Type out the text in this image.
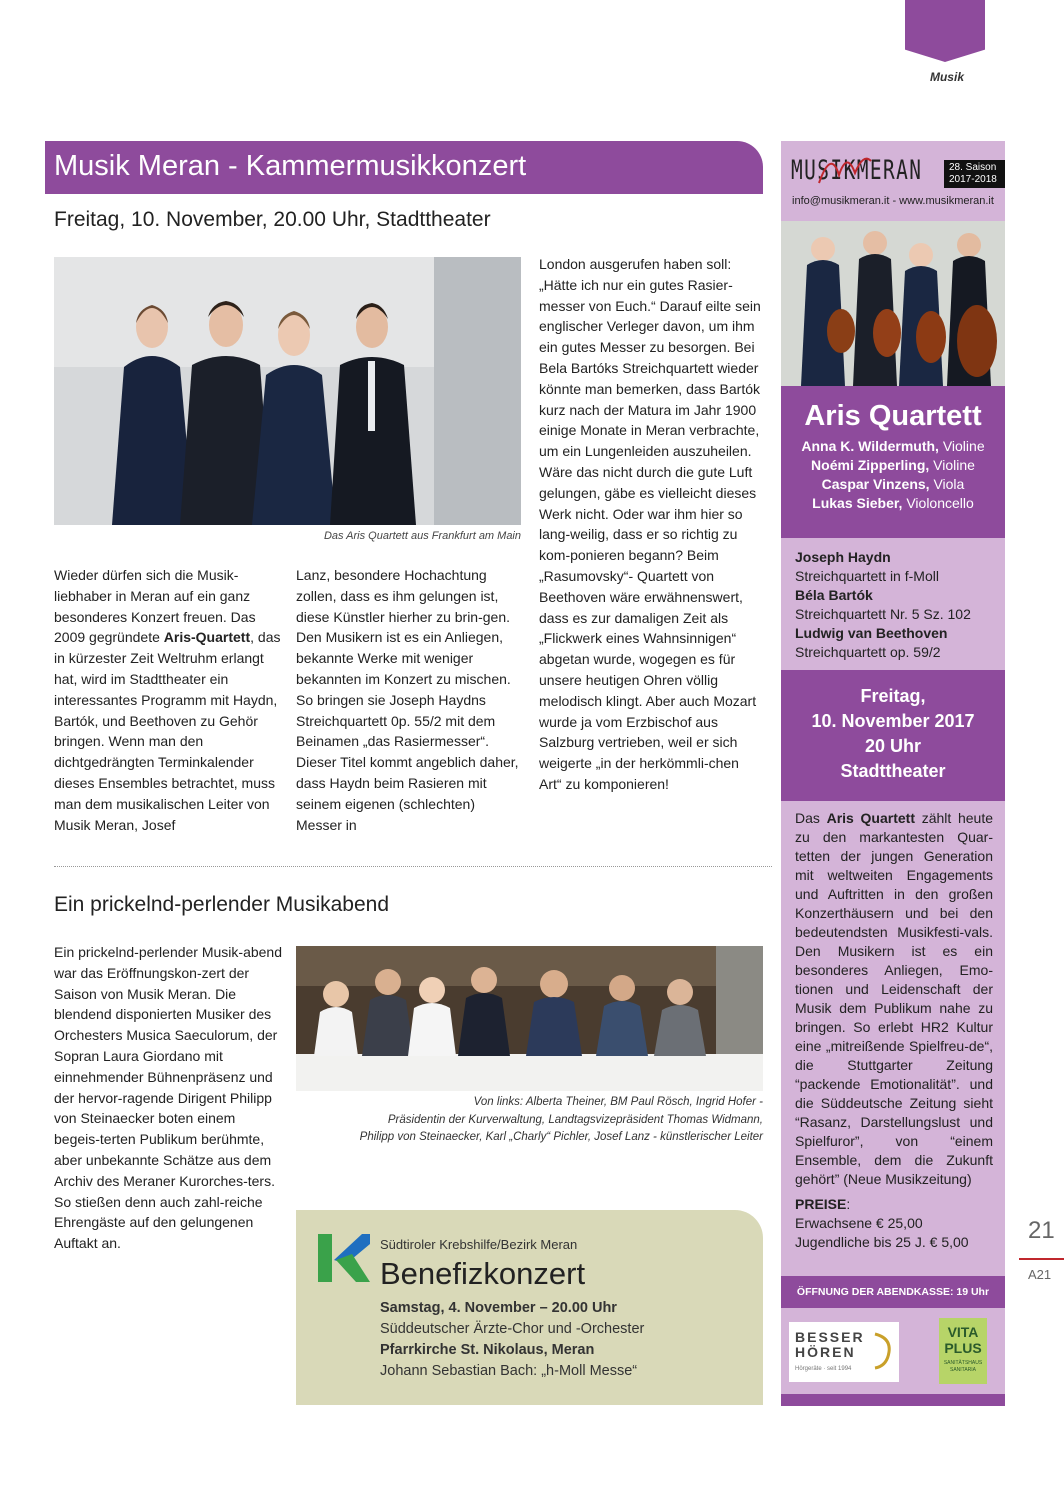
Musik
Musik Meran - Kammermusikkonzert
Freitag, 10. November, 20.00 Uhr, Stadttheater
Das Aris Quartett aus Frankfurt am Main

Wieder dürfen sich die Musik-liebhaber in Meran auf ein ganz besonderes Konzert freuen. Das 2009 gegründete Aris-Quartett, das in kürzester Zeit Weltruhm erlangt hat, wird im Stadttheater ein interessantes Programm mit Haydn, Bartók, und Beethoven zu Gehör bringen. Wenn man den dichtgedrängten Terminkalender dieses Ensembles betrachtet, muss man dem musikalischen Leiter von Musik Meran, Josef

Lanz, besondere Hochachtung zollen, dass es ihm gelungen ist, diese Künstler hierher zu brin-gen. Den Musikern ist es ein Anliegen, bekannte Werke mit weniger bekannten im Konzert zu mischen. So bringen sie Joseph Haydns Streichquartett 0p. 55/2 mit dem Beinamen „das Rasiermesser“. Dieser Titel kommt angeblich daher, dass Haydn beim Rasieren mit seinem eigenen (schlechten) Messer in
London ausgerufen haben soll: „Hätte ich nur ein gutes Rasier-messer von Euch.“ Darauf eilte sein englischer Verleger davon, um ihm ein gutes Messer zu besorgen. Bei Bela Bartóks Streichquartett wieder könnte man bemerken, dass Bartók kurz nach der Matura im Jahr 1900 einige Monate in Meran verbrachte, um ein Lungenleiden auszuheilen. Wäre das nicht durch die gute Luft gelungen, gäbe es vielleicht dieses Werk nicht. Oder war ihm hier so lang-weilig, dass er so richtig zu kom-ponieren begann? Beim „Rasumovsky“- Quartett von Beethoven wäre erwähnenswert, dass es zur damaligen Zeit als „Flickwerk eines Wahnsinnigen“ abgetan wurde, wogegen es für unsere heutigen Ohren völlig melodisch klingt. Aber auch Mozart wurde ja vom Erzbischof aus Salzburg vertrieben, weil er sich weigerte „in der herkömmli-chen Art“ zu komponieren!
Ein prickelnd-perlender Musikabend
Ein prickelnd-perlender Musik-abend war das Eröffnungskon-zert der Saison von Musik Meran. Die blendend disponierten Musiker des Orchesters Musica Saeculorum, der Sopran Laura Giordano mit einnehmender Bühnenpräsenz und der hervor-ragende Dirigent Philipp von Steinaecker boten einem begeis-terten Publikum berühmte, aber unbekannte Schätze aus dem Archiv des Meraner Kurorches-ters. So stießen denn auch zahl-reiche Ehrengäste auf den gelungenen Auftakt an.
Von links: Alberta Theiner, BM Paul Rösch, Ingrid Hofer -
Präsidentin der Kurverwaltung, Landtagsvizepräsident Thomas Widmann,
Philipp von Steinaecker, Karl „Charly“ Pichler, Josef Lanz - künstlerischer Leiter
Südtiroler Krebshilfe/Bezirk Meran
Benefizkonzert
Samstag, 4. November – 20.00 Uhr
Süddeutscher Ärzte-Chor und -Orchester
Pfarrkirche St. Nikolaus, Meran
Johann Sebastian Bach: „h-Moll Messe“
MUSIKMERAN	28. Saison
2017-2018
info@musikmeran.it - www.musikmeran.it
Aris Quartett
Anna K. Wildermuth, Violine
Noémi Zipperling, Violine
Caspar Vinzens, Viola
Lukas Sieber, Violoncello
Joseph Haydn
Streichquartett in f-Moll
Béla Bartók
Streichquartett Nr. 5 Sz. 102
Ludwig van Beethoven
Streichquartett op. 59/2
Freitag,
10. November 2017
20 Uhr
Stadttheater
Das Aris Quartett zählt heute zu den markantesten Quar-tetten der jungen Generation mit weltweiten Engagements und Auftritten in den großen Konzerthäusern und bei den bedeutendsten Musikfesti-vals. Den Musikern ist es ein besonderes Anliegen, Emo-tionen und Leidenschaft der Musik dem Publikum nahe zu bringen. So erlebt HR2 Kultur eine „mitreißende Spielfreu-de“, die Stuttgarter Zeitung “packende Emotionalität”. und die Süddeutsche Zeitung sieht “Rasanz, Darstellungslust und Spielfuror”, von “einem Ensemble, dem die Zukunft gehört” (Neue Musikzeitung)
PREISE:
Erwachsene € 25,00
Jugendliche bis 25 J. € 5,00
ÖFFNUNG DER ABENDKASSE: 19 Uhr
BESSER
HÖREN
Hörgeräte · seit 1994
VITA
PLUS
SANITÄTSHAUS SANITARIA
21
A21
